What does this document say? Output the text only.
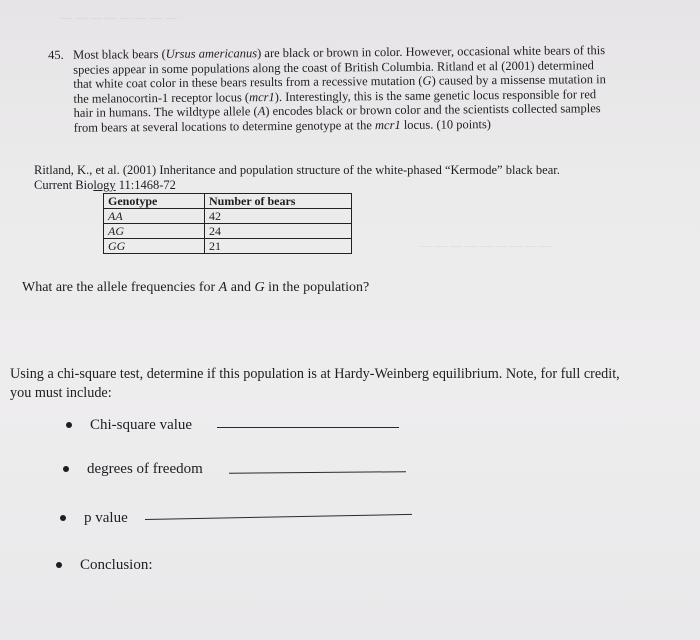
— — — — — — — —
— — — — — — — — —
45. Most black bears (Ursus americanus) are black or brown in color. However, occasional white bears of this
species appear in some populations along the coast of British Columbia. Ritland et al (2001) determined
that white coat color in these bears results from a recessive mutation (G) caused by a missense mutation in
the melanocortin-1 receptor locus (mcr1). Interestingly, this is the same genetic locus responsible for red
hair in humans. The wildtype allele (A) encodes black or brown color and the scientists collected samples
from bears at several locations to determine genotype at the mcr1 locus. (10 points)
Ritland, K., et al. (2001) Inheritance and population structure of the white-phased “Kermode” black bear.
Current Biology 11:1468-72
Genotype	Number of bears
AA	42
AG	24
GG	21
What are the allele frequencies for A and G in the population?
Using a chi-square test, determine if this population is at Hardy-Weinberg equilibrium. Note, for full credit,
you must include:
Chi-square value
degrees of freedom
p value
Conclusion:
